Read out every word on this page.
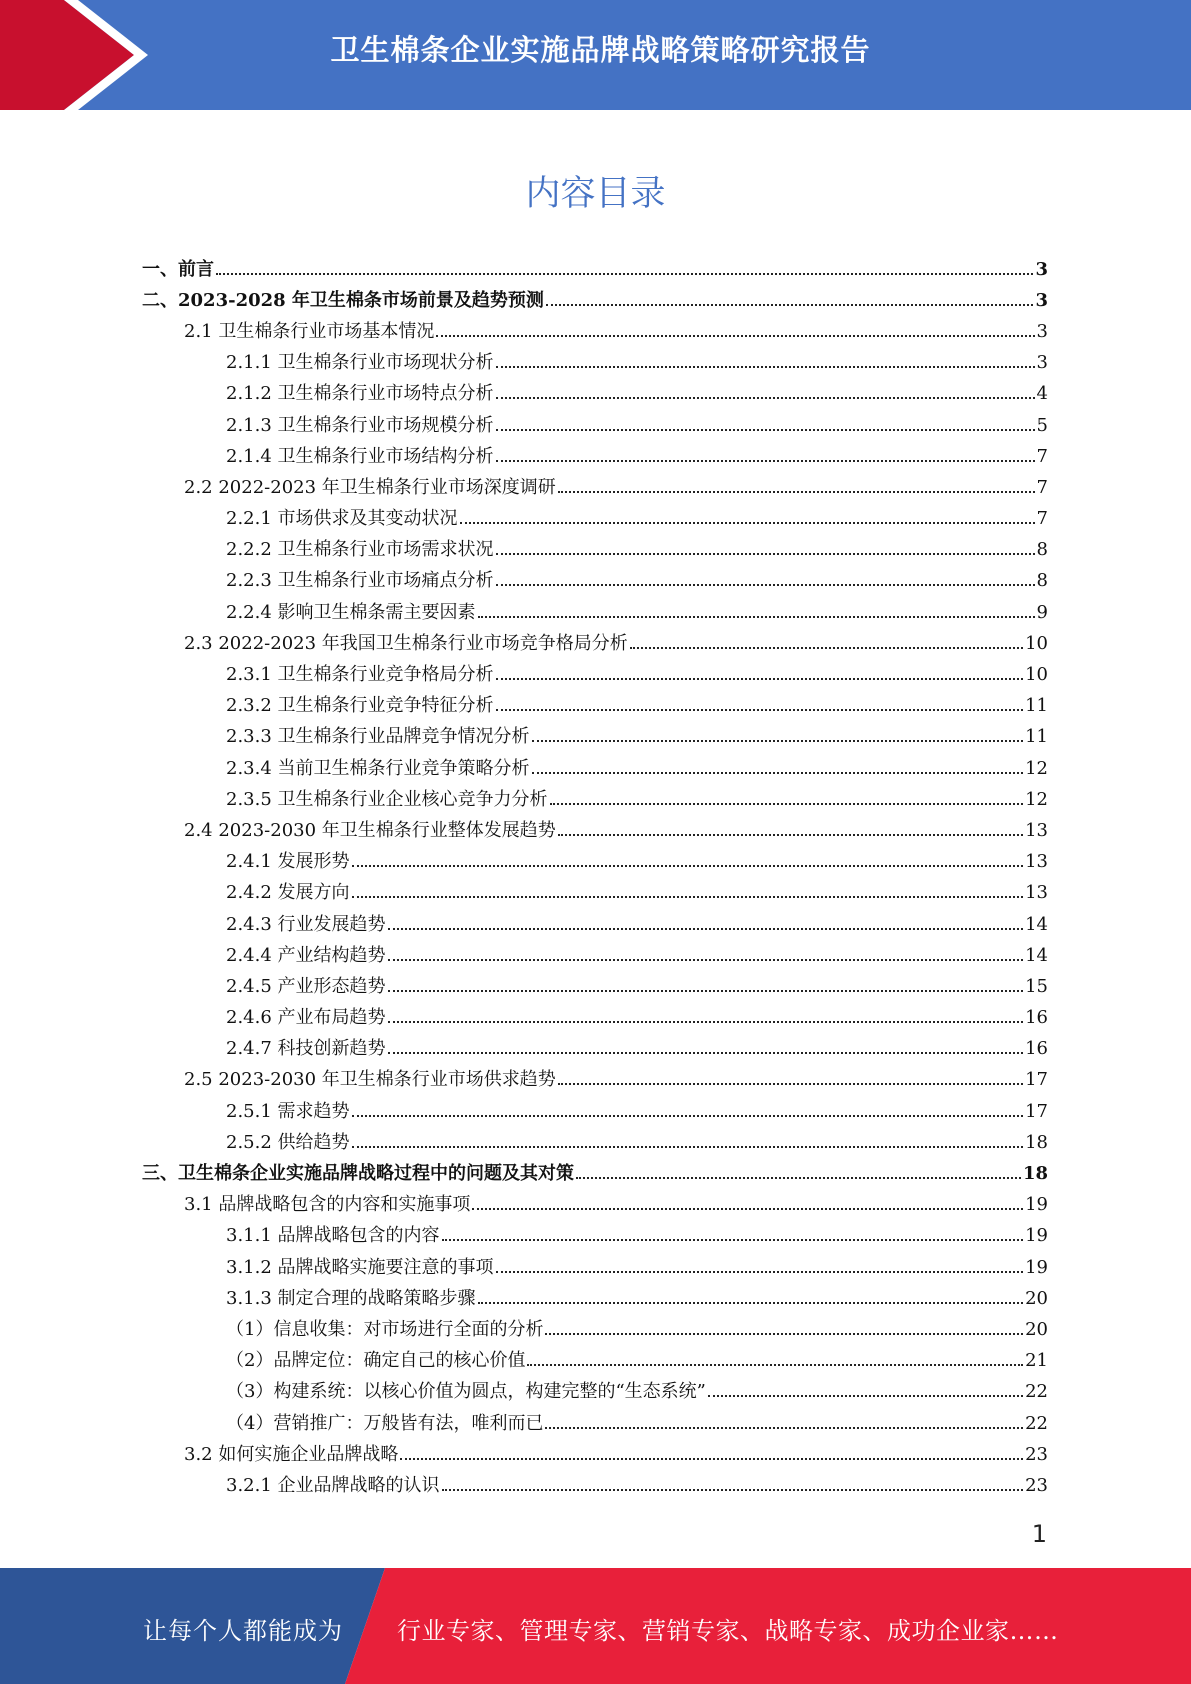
卫生棉条企业实施品牌战略策略研究报告
内容目录
一、前言	3
二、2023-2028 年卫生棉条市场前景及趋势预测	3
2.1 卫生棉条行业市场基本情况	3
2.1.1 卫生棉条行业市场现状分析	3
2.1.2 卫生棉条行业市场特点分析	4
2.1.3 卫生棉条行业市场规模分析	5
2.1.4 卫生棉条行业市场结构分析	7
2.2 2022-2023 年卫生棉条行业市场深度调研	7
2.2.1 市场供求及其变动状况	7
2.2.2 卫生棉条行业市场需求状况	8
2.2.3 卫生棉条行业市场痛点分析	8
2.2.4 影响卫生棉条需主要因素	9
2.3 2022-2023 年我国卫生棉条行业市场竞争格局分析	10
2.3.1 卫生棉条行业竞争格局分析	10
2.3.2 卫生棉条行业竞争特征分析	11
2.3.3 卫生棉条行业品牌竞争情况分析	11
2.3.4 当前卫生棉条行业竞争策略分析	12
2.3.5 卫生棉条行业企业核心竞争力分析	12
2.4 2023-2030 年卫生棉条行业整体发展趋势	13
2.4.1 发展形势	13
2.4.2 发展方向	13
2.4.3 行业发展趋势	14
2.4.4 产业结构趋势	14
2.4.5 产业形态趋势	15
2.4.6 产业布局趋势	16
2.4.7 科技创新趋势	16
2.5 2023-2030 年卫生棉条行业市场供求趋势	17
2.5.1 需求趋势	17
2.5.2 供给趋势	18
三、卫生棉条企业实施品牌战略过程中的问题及其对策	18
3.1 品牌战略包含的内容和实施事项	19
3.1.1 品牌战略包含的内容	19
3.1.2 品牌战略实施要注意的事项	19
3.1.3 制定合理的战略策略步骤	20
（1）信息收集：对市场进行全面的分析	20
（2）品牌定位：确定自己的核心价值	21
（3）构建系统：以核心价值为圆点，构建完整的“生态系统”	22
（4）营销推广：万般皆有法，唯利而已	22
3.2 如何实施企业品牌战略	23
3.2.1 企业品牌战略的认识	23
1
让每个人都能成为 行业专家、管理专家、营销专家、战略专家、成功企业家……
